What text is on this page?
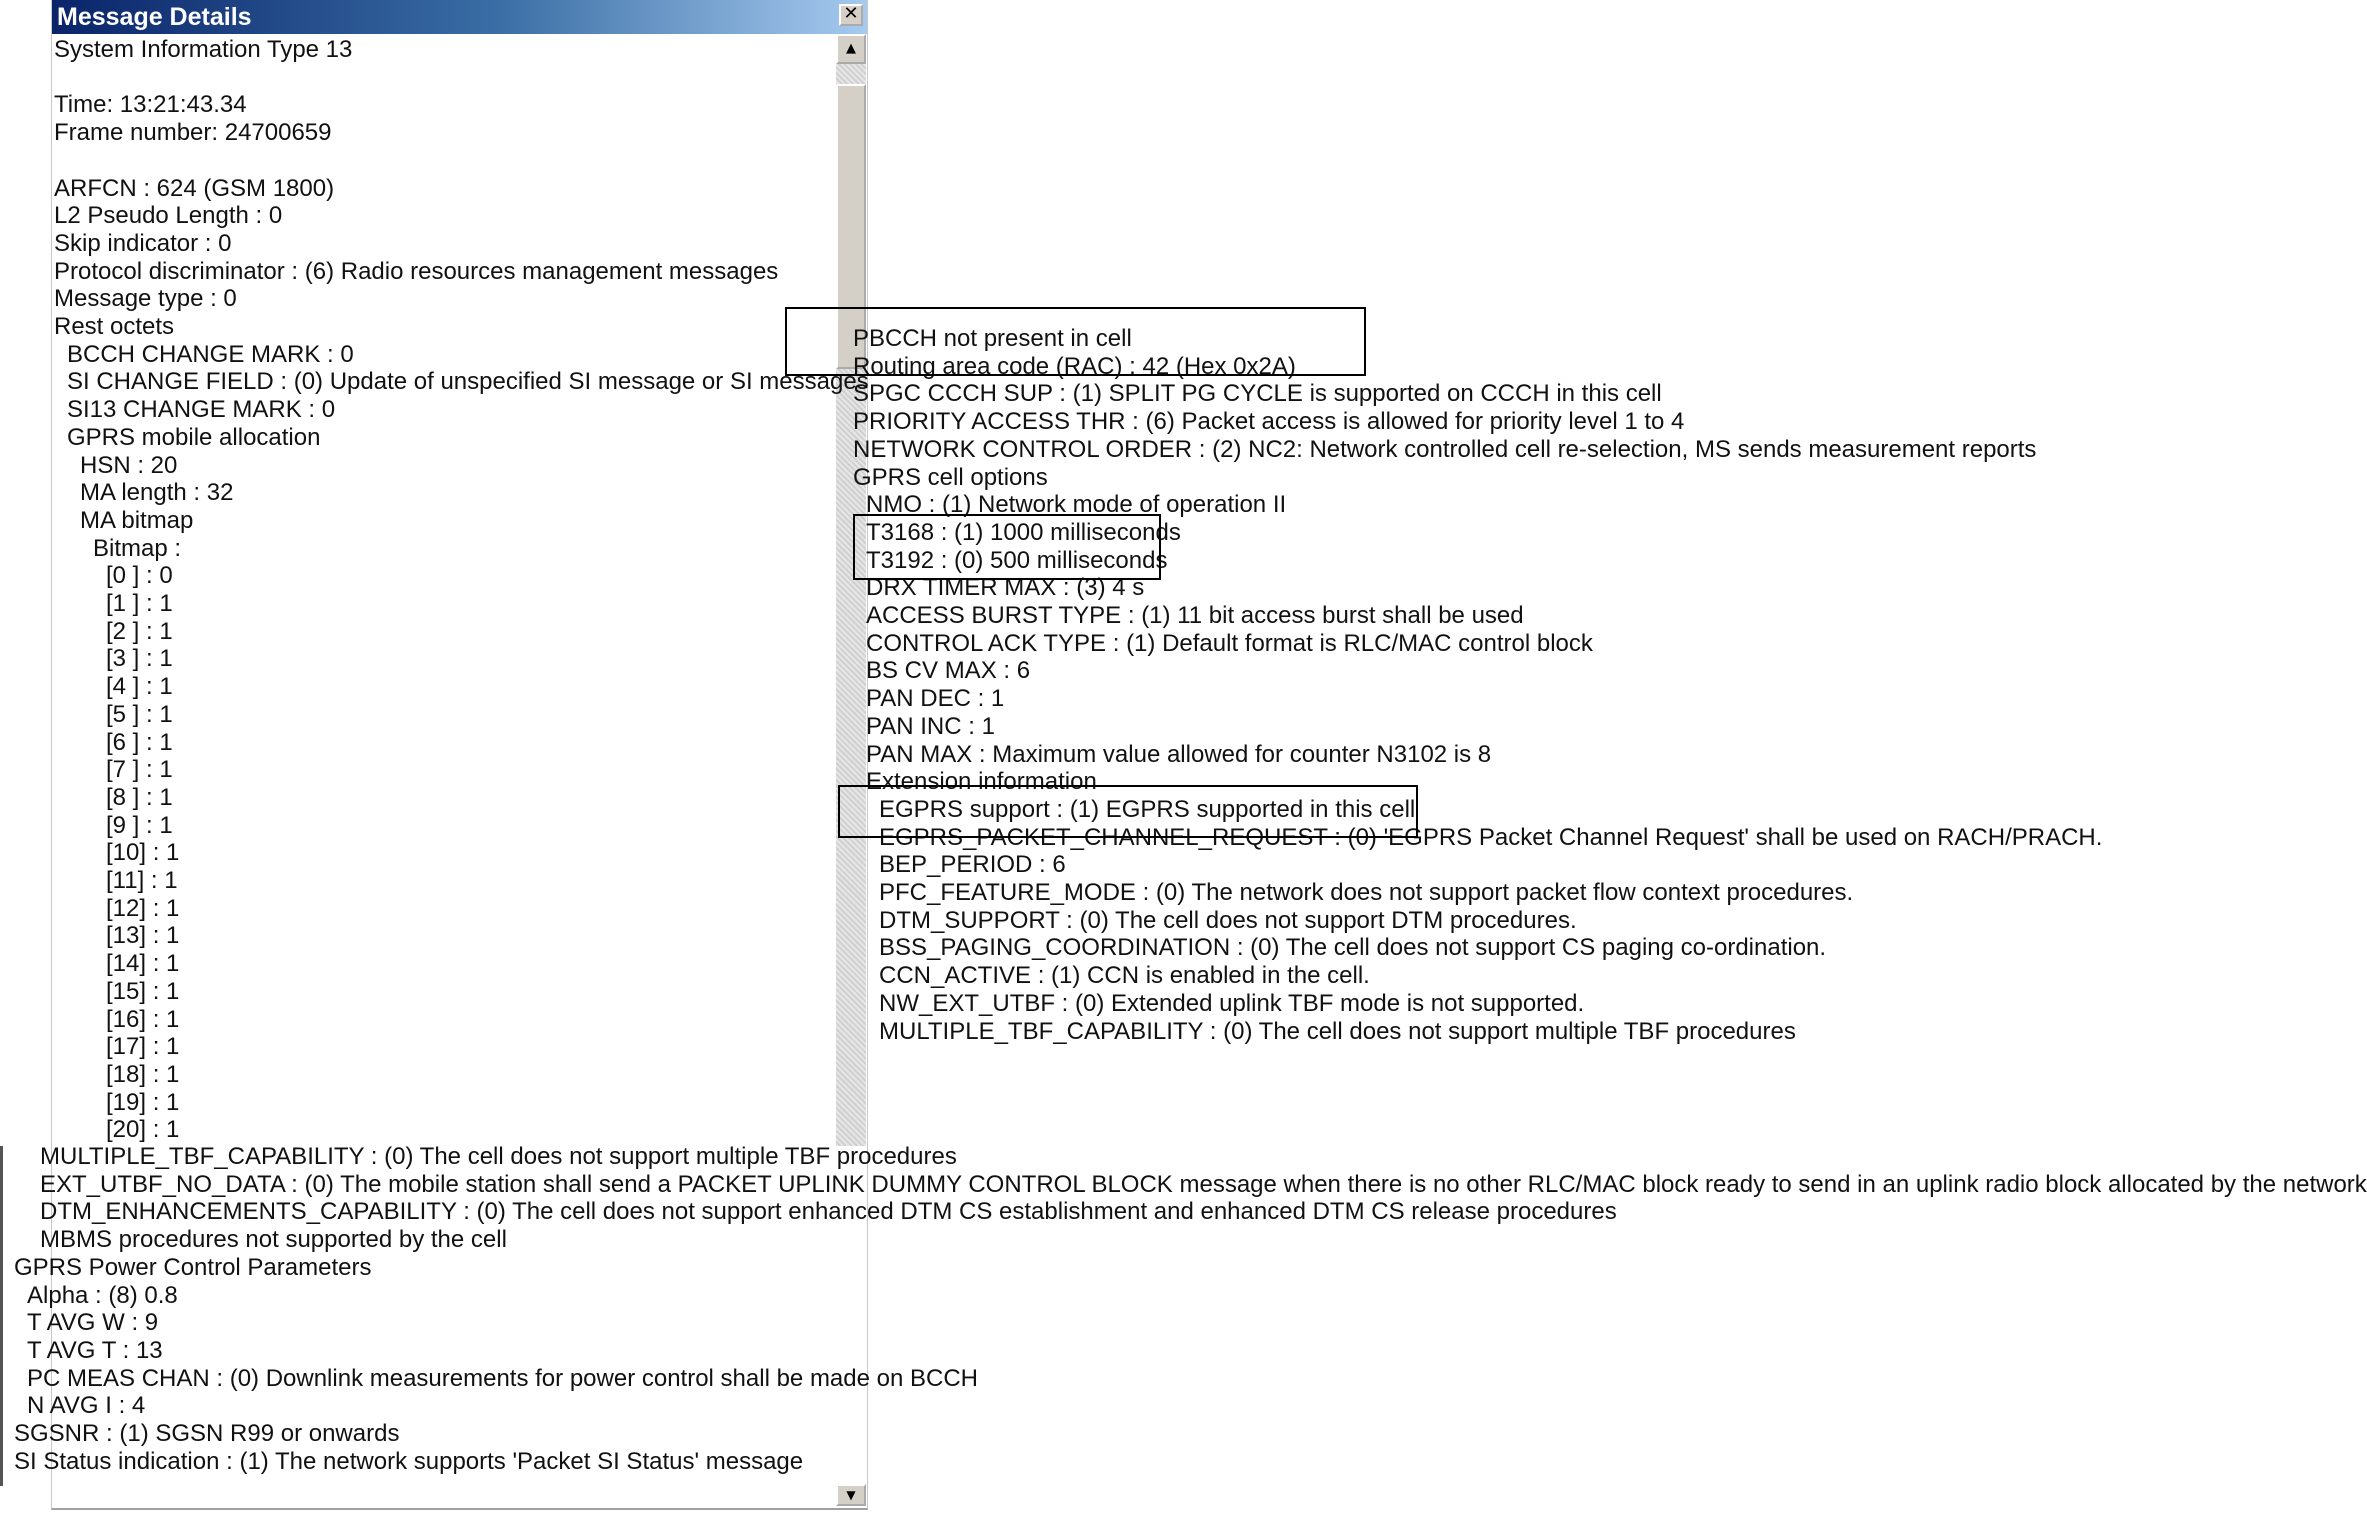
Message Details	✕
▲
▼
System Information Type 13
Time: 13:21:43.34
Frame number: 24700659
ARFCN : 624 (GSM 1800)
L2 Pseudo Length : 0
Skip indicator : 0
Protocol discriminator : (6) Radio resources management messages
Message type : 0
Rest octets
BCCH CHANGE MARK : 0
SI CHANGE FIELD : (0) Update of unspecified SI message or SI messages
SI13 CHANGE MARK : 0
GPRS mobile allocation
HSN : 20
MA length : 32
MA bitmap
Bitmap :
[0 ] : 0
[1 ] : 1
[2 ] : 1
[3 ] : 1
[4 ] : 1
[5 ] : 1
[6 ] : 1
[7 ] : 1
[8 ] : 1
[9 ] : 1
[10] : 1
[11] : 1
[12] : 1
[13] : 1
[14] : 1
[15] : 1
[16] : 1
[17] : 1
[18] : 1
[19] : 1
[20] : 1
PBCCH not present in cell
Routing area code (RAC) : 42 (Hex 0x2A)
SPGC CCCH SUP : (1) SPLIT PG CYCLE is supported on CCCH in this cell
PRIORITY ACCESS THR : (6) Packet access is allowed for priority level 1 to 4
NETWORK CONTROL ORDER : (2) NC2: Network controlled cell re-selection, MS sends measurement reports
GPRS cell options
NMO : (1) Network mode of operation II
T3168 : (1) 1000 milliseconds
T3192 : (0) 500 milliseconds
DRX TIMER MAX : (3) 4 s
ACCESS BURST TYPE : (1) 11 bit access burst shall be used
CONTROL ACK TYPE : (1) Default format is RLC/MAC control block
BS CV MAX : 6
PAN DEC : 1
PAN INC : 1
PAN MAX : Maximum value allowed for counter N3102 is 8
Extension information
EGPRS support : (1) EGPRS supported in this cell
EGPRS_PACKET_CHANNEL_REQUEST : (0) 'EGPRS Packet Channel Request' shall be used on RACH/PRACH.
BEP_PERIOD : 6
PFC_FEATURE_MODE : (0) The network does not support packet flow context procedures.
DTM_SUPPORT : (0) The cell does not support DTM procedures.
BSS_PAGING_COORDINATION : (0) The cell does not support CS paging co-ordination.
CCN_ACTIVE : (1) CCN is enabled in the cell.
NW_EXT_UTBF : (0) Extended uplink TBF mode is not supported.
MULTIPLE_TBF_CAPABILITY : (0) The cell does not support multiple TBF procedures
MULTIPLE_TBF_CAPABILITY : (0) The cell does not support multiple TBF procedures
EXT_UTBF_NO_DATA : (0) The mobile station shall send a PACKET UPLINK DUMMY CONTROL BLOCK message when there is no other RLC/MAC block ready to send in an uplink radio block allocated by the network
DTM_ENHANCEMENTS_CAPABILITY : (0) The cell does not support enhanced DTM CS establishment and enhanced DTM CS release procedures
MBMS procedures not supported by the cell
GPRS Power Control Parameters
Alpha : (8) 0.8
T AVG W : 9
T AVG T : 13
PC MEAS CHAN : (0) Downlink measurements for power control shall be made on BCCH
N AVG I : 4
SGSNR : (1) SGSN R99 or onwards
SI Status indication : (1) The network supports 'Packet SI Status' message
